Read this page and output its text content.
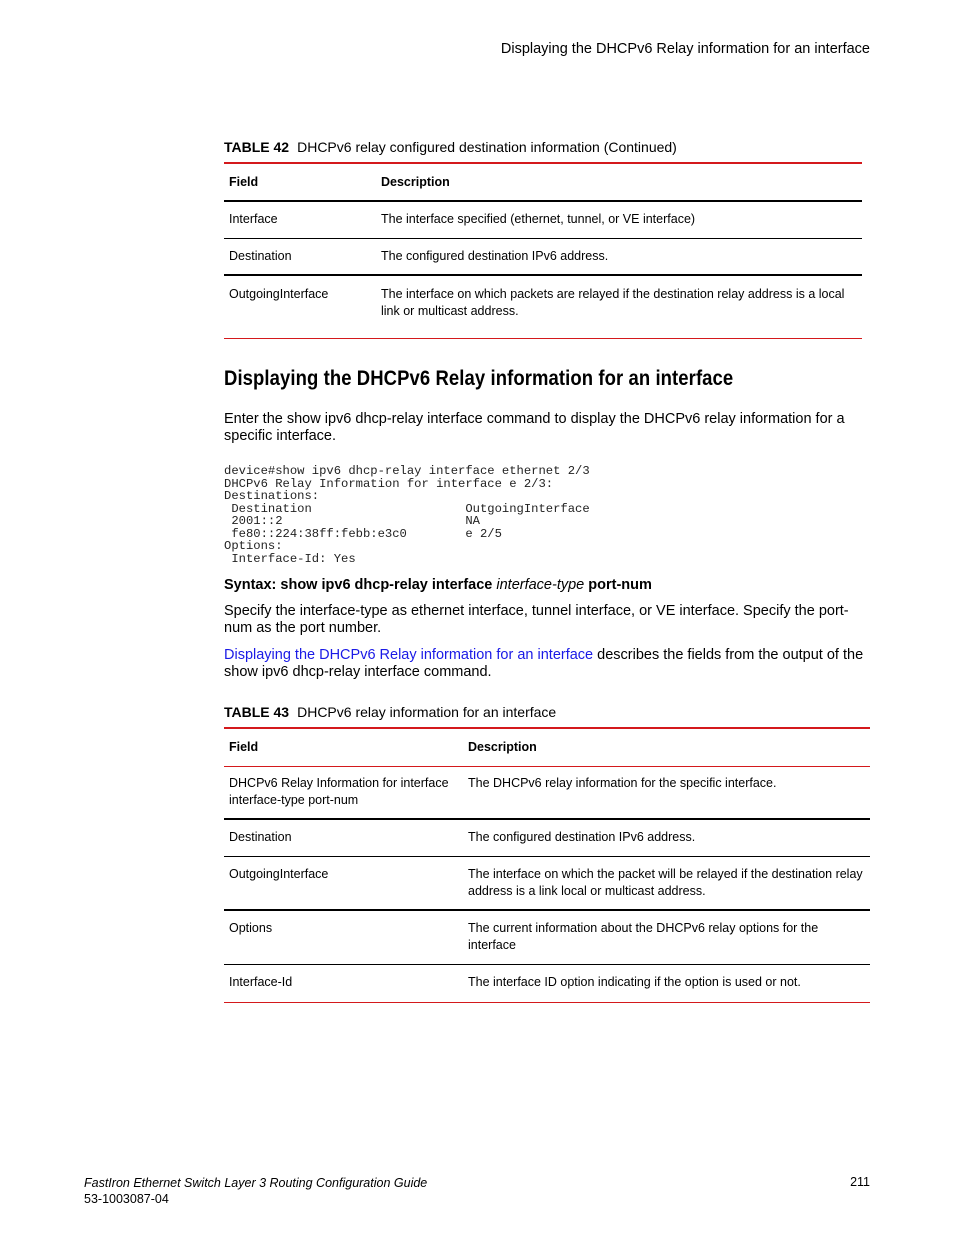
Displaying the DHCPv6 Relay information for an interface
TABLE 42 DHCPv6 relay configured destination information (Continued)
Field	Description
Interface	The interface specified (ethernet, tunnel, or VE interface)
Destination	The configured destination IPv6 address.
OutgoingInterface	The interface on which packets are relayed if the destination relay address is a local link or multicast address.
Displaying the DHCPv6 Relay information for an interface
Enter the show ipv6 dhcp-relay interface command to display the DHCPv6 relay information for a specific interface.
device#show ipv6 dhcp-relay interface ethernet 2/3
DHCPv6 Relay Information for interface e 2/3:
Destinations:
Destination                     OutgoingInterface
2001::2                         NA
fe80::224:38ff:febb:e3c0        e 2/5
Options:
Interface-Id: Yes
Syntax: show ipv6 dhcp-relay interface interface-type port-num
Specify the interface-type as ethernet interface, tunnel interface, or VE interface. Specify the port-num as the port number.
Displaying the DHCPv6 Relay information for an interface describes the fields from the output of the show ipv6 dhcp-relay interface command.
TABLE 43 DHCPv6 relay information for an interface
Field	Description
DHCPv6 Relay Information for interface interface-type port-num	The DHCPv6 relay information for the specific interface.
Destination	The configured destination IPv6 address.
OutgoingInterface	The interface on which the packet will be relayed if the destination relay address is a link local or multicast address.
Options	The current information about the DHCPv6 relay options for the interface
Interface-Id	The interface ID option indicating if the option is used or not.
FastIron Ethernet Switch Layer 3 Routing Configuration Guide
53-1003087-04
211
